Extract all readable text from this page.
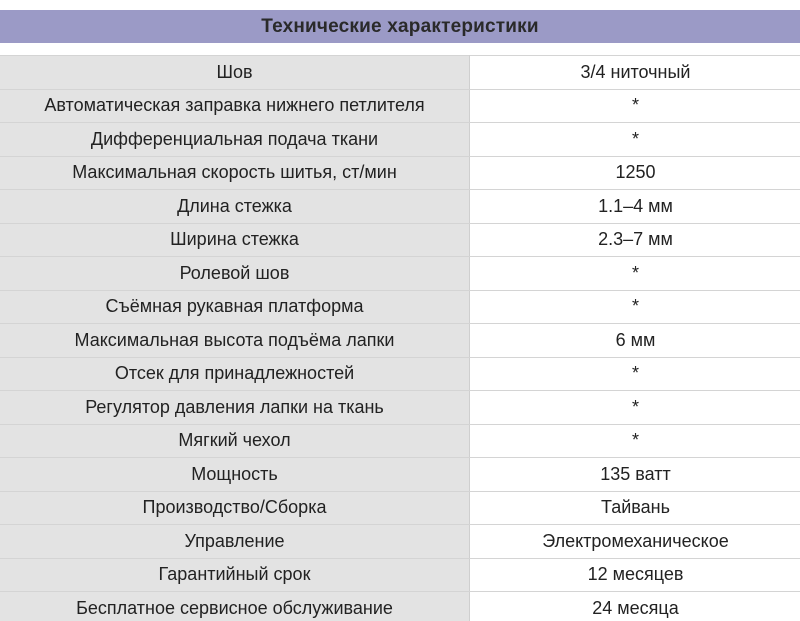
Технические характеристики
Шов	3/4 ниточный
Автоматическая заправка нижнего петлителя	*
Дифференциальная подача ткани	*
Максимальная скорость шитья, ст/мин	1250
Длина стежка	1.1–4 мм
Ширина стежка	2.3–7 мм
Ролевой шов	*
Съёмная рукавная платформа	*
Максимальная высота подъёма лапки	6 мм
Отсек для принадлежностей	*
Регулятор давления лапки на ткань	*
Мягкий чехол	*
Мощность	135 ватт
Производство/Сборка	Тайвань
Управление	Электромеханическое
Гарантийный срок	12 месяцев
Бесплатное сервисное обслуживание	24 месяца
